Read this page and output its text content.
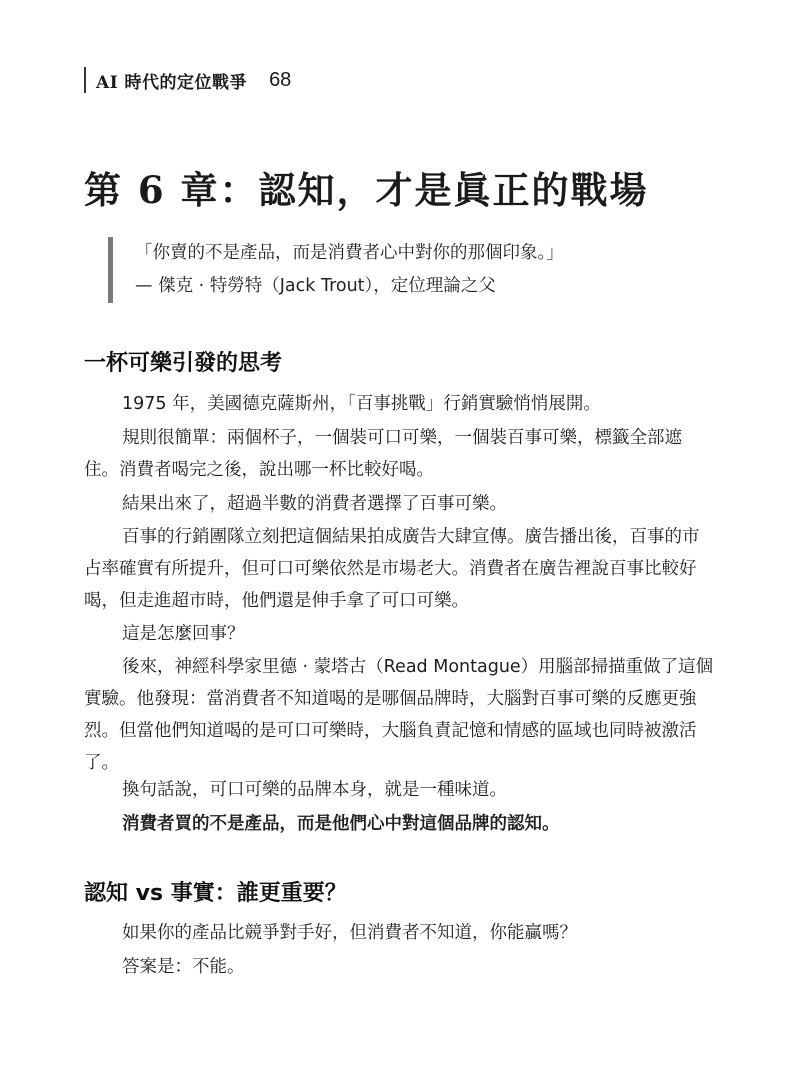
AI 時代的定位戰爭 68
第 6 章：認知，才是眞正的戰場

「你賣的不是產品，而是消費者心中對你的那個印象。」

— 傑克 · 特勞特（Jack Trout），定位理論之父

一杯可樂引發的思考

1975 年，美國德克薩斯州，「百事挑戰」行銷實驗悄悄展開。

規則很簡單：兩個杯子，一個裝可口可樂，一個裝百事可樂，標籤全部遮住。消費者喝完之後，說出哪一杯比較好喝。

結果出來了，超過半數的消費者選擇了百事可樂。

百事的行銷團隊立刻把這個結果拍成廣告大肆宣傳。廣告播出後，百事的市占率確實有所提升，但可口可樂依然是市場老大。消費者在廣告裡說百事比較好喝，但走進超市時，他們還是伸手拿了可口可樂。

這是怎麼回事？

後來，神經科學家里德 · 蒙塔古（Read Montague）用腦部掃描重做了這個實驗。他發現：當消費者不知道喝的是哪個品牌時，大腦對百事可樂的反應更強烈。但當他們知道喝的是可口可樂時，大腦負責記憶和情感的區域也同時被激活了。

換句話說，可口可樂的品牌本身，就是一種味道。

消費者買的不是產品，而是他們心中對這個品牌的認知。

認知 vs 事實：誰更重要？

如果你的產品比競爭對手好，但消費者不知道，你能贏嗎？

答案是：不能。
